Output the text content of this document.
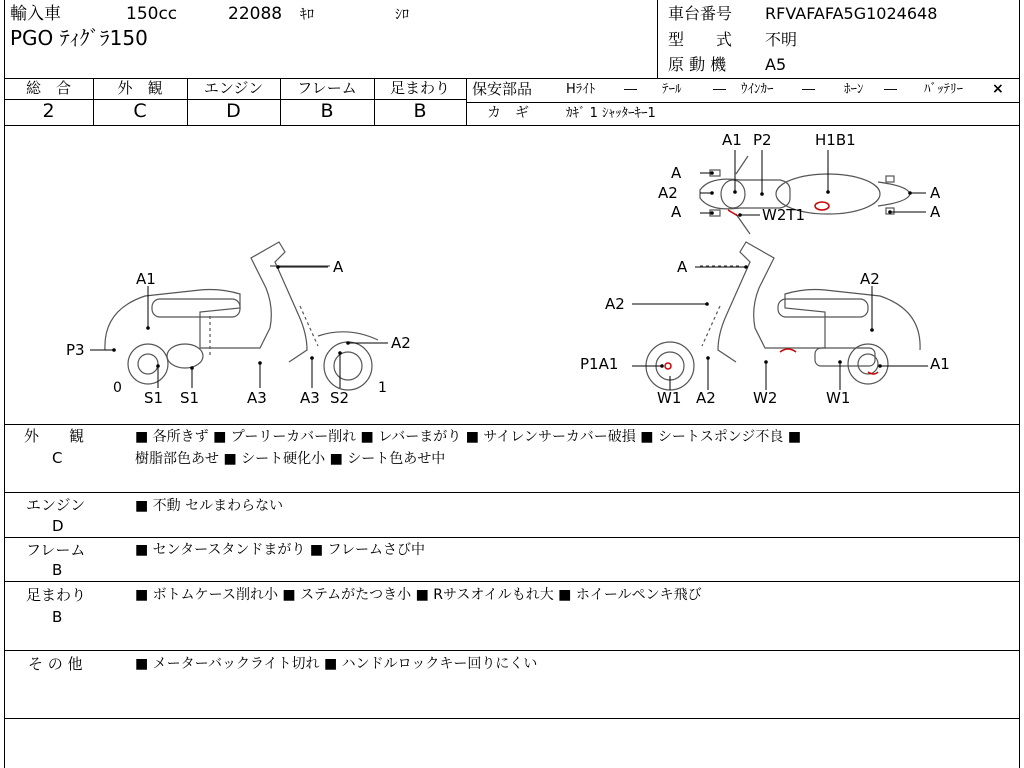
輸入車	150cc	22088 ｷﾛ	ｼﾛ
PGO ﾃｨｸﾞﾗ150
車台番号 RFVAFAFA5G1024648
型　　式 不明
原 動 機 A5
総　合
2
外　観
C
エンジン
D
フレーム
B
足まわり
B
保安部品	Hﾗｲﾄ ― ﾃｰﾙ ― ｳｲﾝｶｰ ― ﾎｰﾝ ― ﾊﾞｯﾃﾘｰ ×
カ　ギ	ｶｷﾞ 1 ｼｬｯﾀｰｷｰ1
A1 P2	H1B1
A
A2
A	W2T1
A
A
A
A1
P3	A2
0	1
S1 S1	A3 A3 S2
A
A2
A2
P1A1	A1
W1 A2 W2	W1
外　　観
C
■ 各所きず ■ プーリーカバー削れ ■ レバーまがり ■ サイレンサーカバー破損 ■ シートスポンジ不良 ■
樹脂部色あせ ■ シート硬化小 ■ シート色あせ中
エンジン
D
■ 不動 セルまわらない
フレーム
B
■ センタースタンドまがり ■ フレームさび中
足まわり
B
■ ボトムケース削れ小 ■ ステムがたつき小 ■ Rサスオイルもれ大 ■ ホイールペンキ飛び
そ の 他	■ メーターバックライト切れ ■ ハンドルロックキー回りにくい
